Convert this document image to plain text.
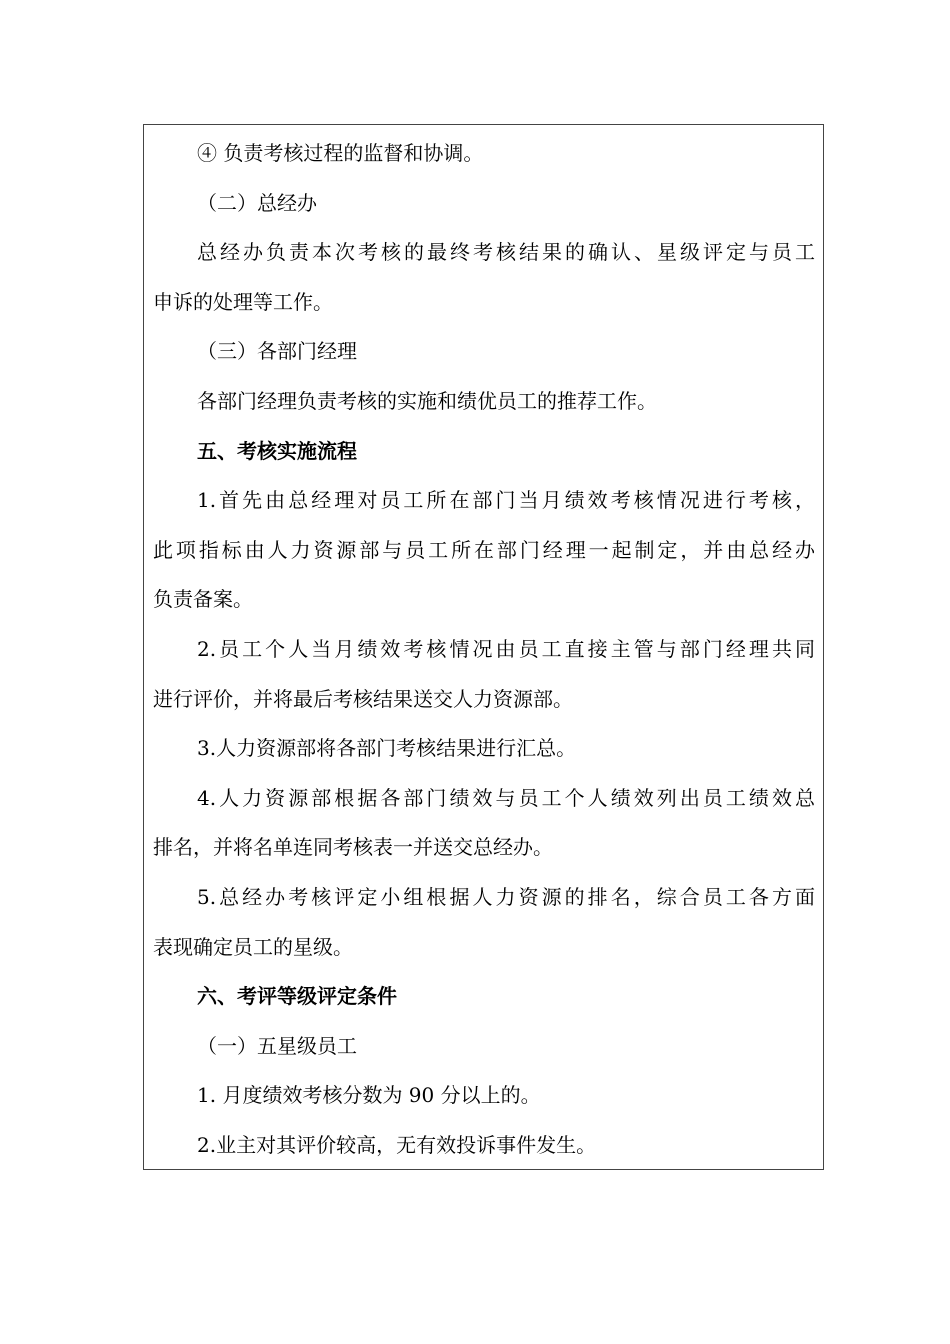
④ 负责考核过程的监督和协调。
（二）总经办
总经办负责本次考核的最终考核结果的确认、星级评定与员工
申诉的处理等工作。
（三）各部门经理
各部门经理负责考核的实施和绩优员工的推荐工作。
五、考核实施流程
1.首先由总经理对员工所在部门当月绩效考核情况进行考核，
此项指标由人力资源部与员工所在部门经理一起制定，并由总经办
负责备案。
2.员工个人当月绩效考核情况由员工直接主管与部门经理共同
进行评价，并将最后考核结果送交人力资源部。
3.人力资源部将各部门考核结果进行汇总。
4.人力资源部根据各部门绩效与员工个人绩效列出员工绩效总
排名，并将名单连同考核表一并送交总经办。
5.总经办考核评定小组根据人力资源的排名，综合员工各方面
表现确定员工的星级。
六、考评等级评定条件
（一）五星级员工
1. 月度绩效考核分数为 90 分以上的。
2.业主对其评价较高，无有效投诉事件发生。
